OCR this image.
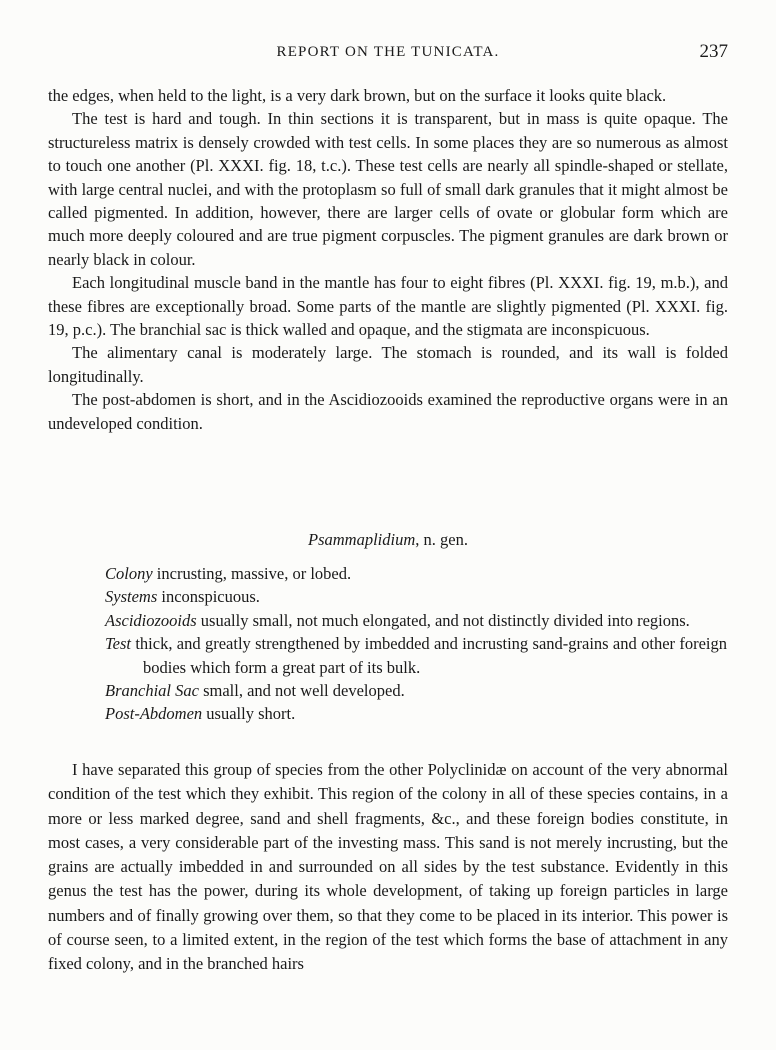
REPORT ON THE TUNICATA.	237

the edges, when held to the light, is a very dark brown, but on the surface it looks quite black.

The test is hard and tough. In thin sections it is transparent, but in mass is quite opaque. The structureless matrix is densely crowded with test cells. In some places they are so numerous as almost to touch one another (Pl. XXXI. fig. 18, t.c.). These test cells are nearly all spindle-shaped or stellate, with large central nuclei, and with the protoplasm so full of small dark granules that it might almost be called pigmented. In addition, however, there are larger cells of ovate or globular form which are much more deeply coloured and are true pigment corpuscles. The pigment granules are dark brown or nearly black in colour.

Each longitudinal muscle band in the mantle has four to eight fibres (Pl. XXXI. fig. 19, m.b.), and these fibres are exceptionally broad. Some parts of the mantle are slightly pigmented (Pl. XXXI. fig. 19, p.c.). The branchial sac is thick walled and opaque, and the stigmata are inconspicuous.

The alimentary canal is moderately large. The stomach is rounded, and its wall is folded longitudinally.

The post-abdomen is short, and in the Ascidiozooids examined the reproductive organs were in an undeveloped condition.

Psammaplidium, n. gen.

Colony incrusting, massive, or lobed.

Systems inconspicuous.

Ascidiozooids usually small, not much elongated, and not distinctly divided into regions.

Test thick, and greatly strengthened by imbedded and incrusting sand-grains and other foreign bodies which form a great part of its bulk.

Branchial Sac small, and not well developed.

Post-Abdomen usually short.

I have separated this group of species from the other Polyclinidæ on account of the very abnormal condition of the test which they exhibit. This region of the colony in all of these species contains, in a more or less marked degree, sand and shell fragments, &c., and these foreign bodies constitute, in most cases, a very considerable part of the investing mass. This sand is not merely incrusting, but the grains are actually imbedded in and surrounded on all sides by the test substance. Evidently in this genus the test has the power, during its whole development, of taking up foreign particles in large numbers and of finally growing over them, so that they come to be placed in its interior. This power is of course seen, to a limited extent, in the region of the test which forms the base of attachment in any fixed colony, and in the branched hairs
